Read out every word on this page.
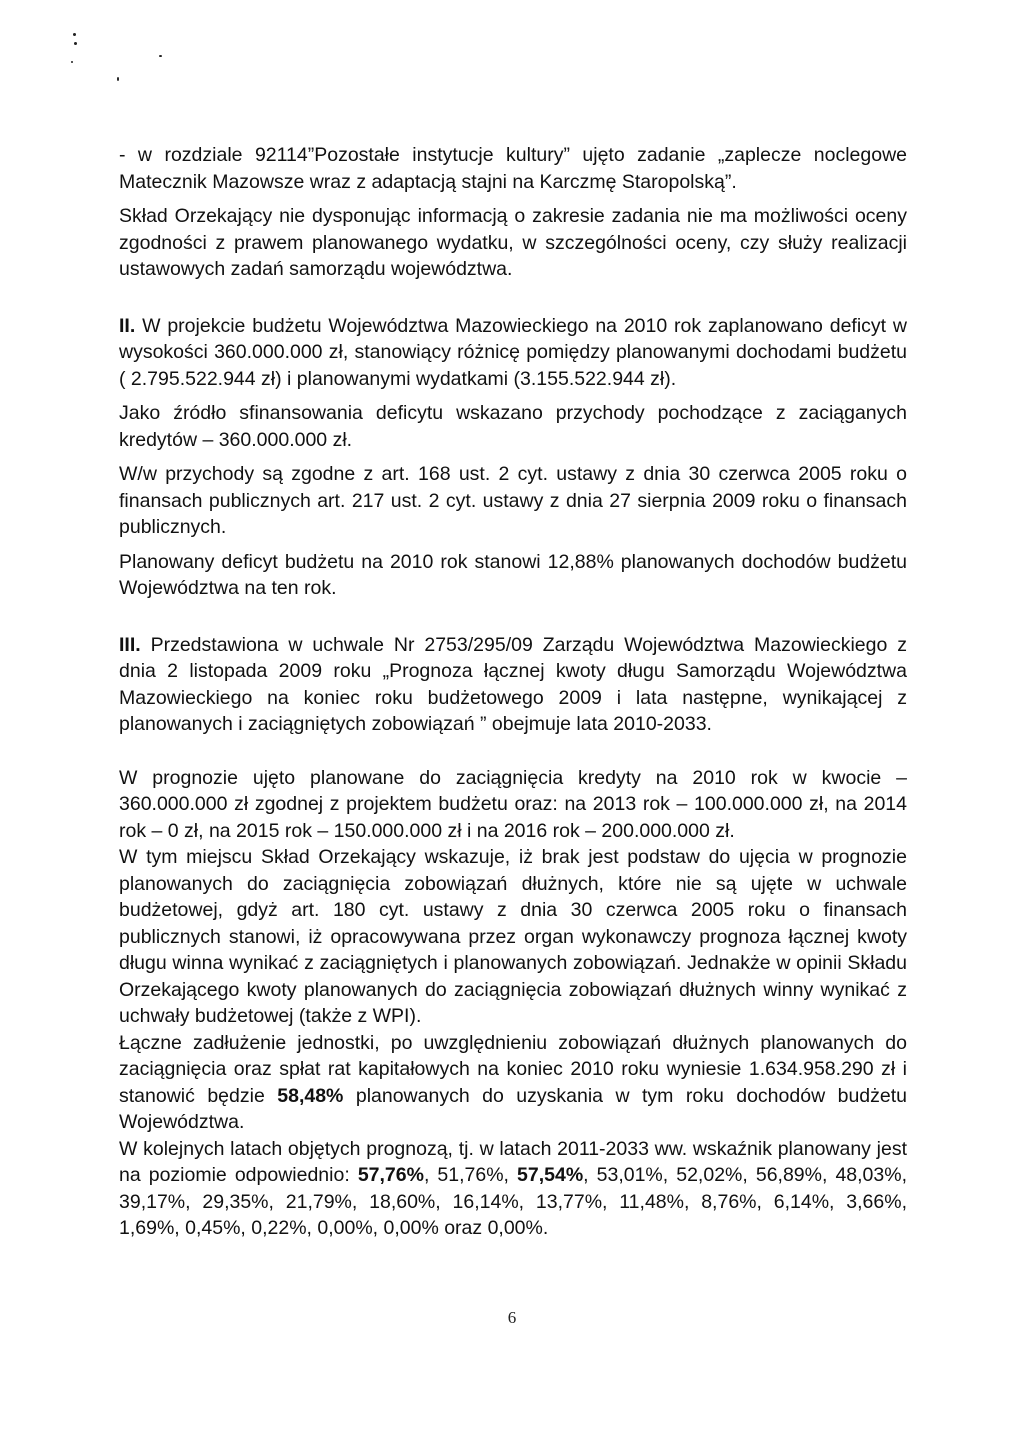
- w rozdziale 92114”Pozostałe instytucje kultury” ujęto zadanie „zaplecze noclegowe Matecznik Mazowsze wraz z adaptacją stajni na Karczmę Staropolską”.

Skład Orzekający nie dysponując informacją o zakresie zadania nie ma możliwości oceny zgodności z prawem planowanego wydatku, w szczególności oceny, czy służy realizacji ustawowych zadań samorządu województwa.

II. W projekcie budżetu Województwa Mazowieckiego na 2010 rok zaplanowano deficyt w wysokości 360.000.000 zł, stanowiący różnicę pomiędzy planowanymi dochodami budżetu ( 2.795.522.944 zł) i planowanymi wydatkami (3.155.522.944 zł).

Jako źródło sfinansowania deficytu wskazano przychody pochodzące z zaciąganych kredytów – 360.000.000 zł.

W/w przychody są zgodne z art. 168 ust. 2 cyt. ustawy z dnia 30 czerwca 2005 roku o finansach publicznych art. 217 ust. 2 cyt. ustawy z dnia 27 sierpnia 2009 roku o finansach publicznych.

Planowany deficyt budżetu na 2010 rok stanowi 12,88% planowanych dochodów budżetu Województwa na ten rok.

III. Przedstawiona w uchwale Nr 2753/295/09 Zarządu Województwa Mazowieckiego z dnia 2 listopada 2009 roku „Prognoza łącznej kwoty długu Samorządu Województwa Mazowieckiego na koniec roku budżetowego 2009 i lata następne, wynikającej z planowanych i zaciągniętych zobowiązań ” obejmuje lata 2010-2033.

W prognozie ujęto planowane do zaciągnięcia kredyty na 2010 rok w kwocie – 360.000.000 zł zgodnej z projektem budżetu oraz: na 2013 rok – 100.000.000 zł, na 2014 rok – 0 zł, na 2015 rok – 150.000.000 zł i na 2016 rok – 200.000.000 zł.

W tym miejscu Skład Orzekający wskazuje, iż brak jest podstaw do ujęcia w prognozie planowanych do zaciągnięcia zobowiązań dłużnych, które nie są ujęte w uchwale budżetowej, gdyż art. 180 cyt. ustawy z dnia 30 czerwca 2005 roku o finansach publicznych stanowi, iż opracowywana przez organ wykonawczy prognoza łącznej kwoty długu winna wynikać z zaciągniętych i planowanych zobowiązań. Jednakże w opinii Składu Orzekającego kwoty planowanych do zaciągnięcia zobowiązań dłużnych winny wynikać z uchwały budżetowej (także z WPI).

Łączne zadłużenie jednostki, po uwzględnieniu zobowiązań dłużnych planowanych do zaciągnięcia oraz spłat rat kapitałowych na koniec 2010 roku wyniesie 1.634.958.290 zł i stanowić będzie 58,48% planowanych do uzyskania w tym roku dochodów budżetu Województwa.

W kolejnych latach objętych prognozą, tj. w latach 2011-2033 ww. wskaźnik planowany jest na poziomie odpowiednio: 57,76%, 51,76%, 57,54%, 53,01%, 52,02%, 56,89%, 48,03%, 39,17%, 29,35%, 21,79%, 18,60%, 16,14%, 13,77%, 11,48%, 8,76%, 6,14%, 3,66%, 1,69%, 0,45%, 0,22%, 0,00%, 0,00% oraz 0,00%.

6
